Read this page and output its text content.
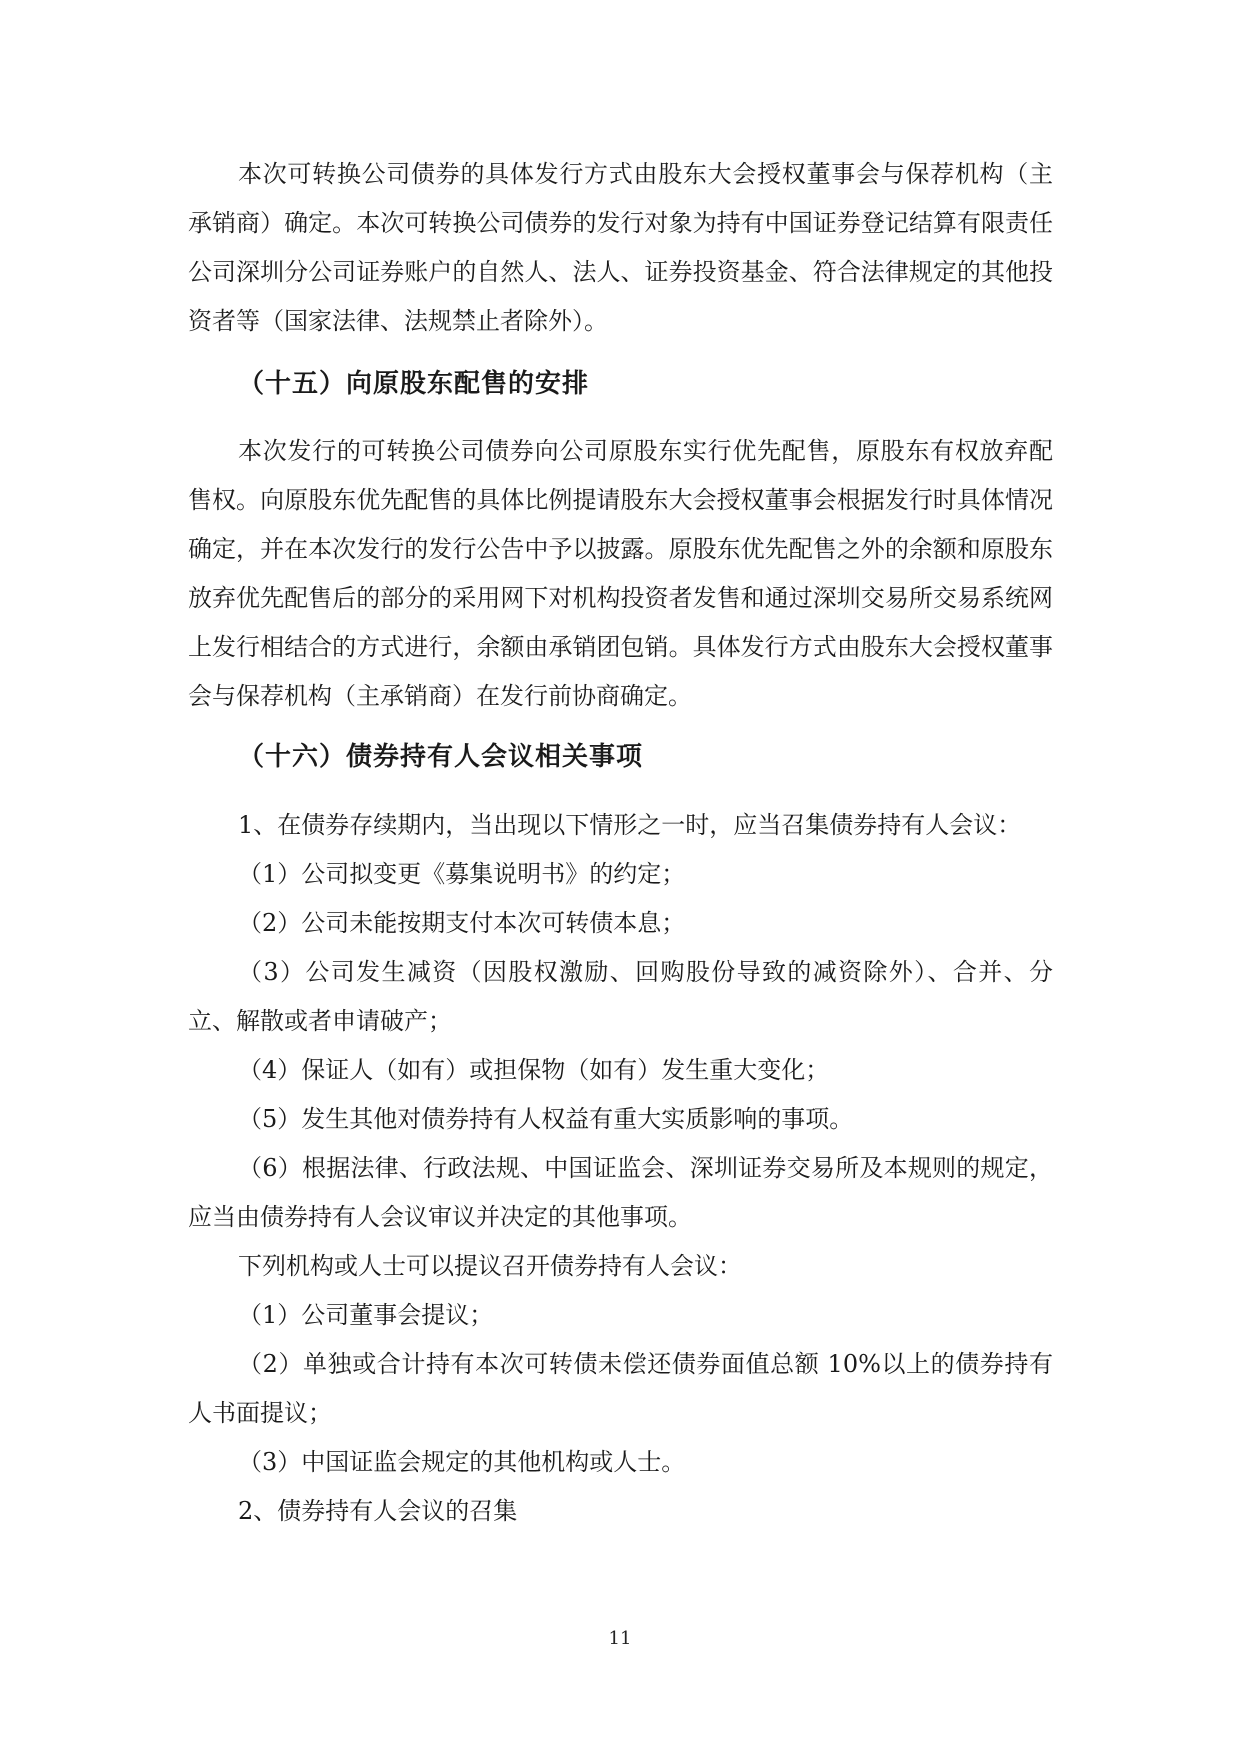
本次可转换公司债券的具体发行方式由股东大会授权董事会与保荐机构（主承销商）确定。本次可转换公司债券的发行对象为持有中国证券登记结算有限责任公司深圳分公司证券账户的自然人、法人、证券投资基金、符合法律规定的其他投资者等（国家法律、法规禁止者除外）。

（十五）向原股东配售的安排

本次发行的可转换公司债券向公司原股东实行优先配售，原股东有权放弃配售权。向原股东优先配售的具体比例提请股东大会授权董事会根据发行时具体情况确定，并在本次发行的发行公告中予以披露。原股东优先配售之外的余额和原股东放弃优先配售后的部分的采用网下对机构投资者发售和通过深圳交易所交易系统网上发行相结合的方式进行，余额由承销团包销。具体发行方式由股东大会授权董事会与保荐机构（主承销商）在发行前协商确定。

（十六）债券持有人会议相关事项

1、在债券存续期内，当出现以下情形之一时，应当召集债券持有人会议：

（1）公司拟变更《募集说明书》的约定；

（2）公司未能按期支付本次可转债本息；

（3）公司发生减资（因股权激励、回购股份导致的减资除外）、合并、分立、解散或者申请破产；

（4）保证人（如有）或担保物（如有）发生重大变化；

（5）发生其他对债券持有人权益有重大实质影响的事项。

（6）根据法律、行政法规、中国证监会、深圳证券交易所及本规则的规定，应当由债券持有人会议审议并决定的其他事项。

下列机构或人士可以提议召开债券持有人会议：

（1）公司董事会提议；

（2）单独或合计持有本次可转债未偿还债券面值总额 10%以上的债券持有人书面提议；

（3）中国证监会规定的其他机构或人士。

2、债券持有人会议的召集

11
